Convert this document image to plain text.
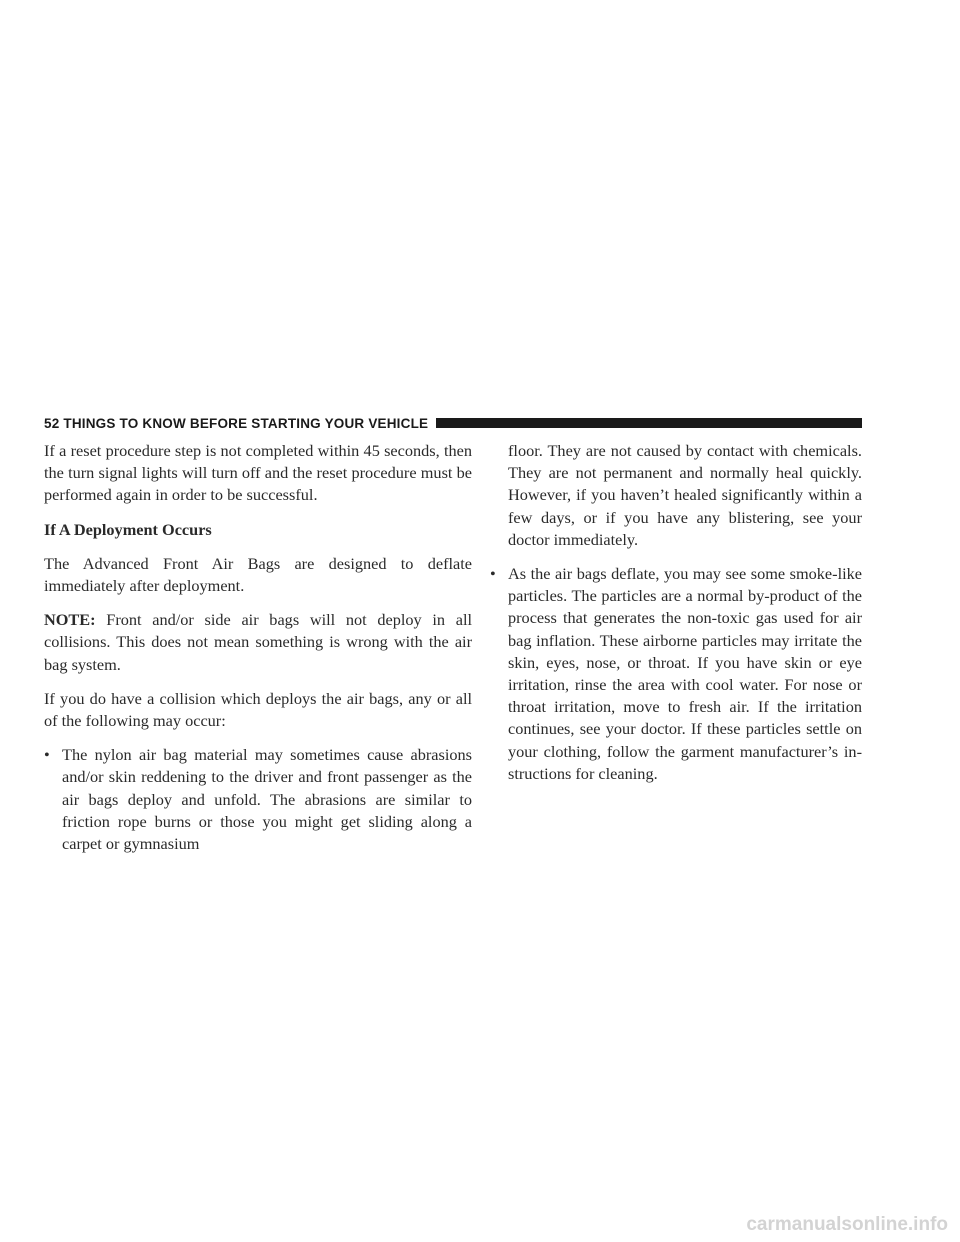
52 THINGS TO KNOW BEFORE STARTING YOUR VEHICLE

If a reset procedure step is not completed within 45 seconds, then the turn signal lights will turn off and the reset procedure must be performed again in order to be successful.

If A Deployment Occurs

The Advanced Front Air Bags are designed to deflate immediately after deployment.

NOTE: Front and/or side air bags will not deploy in all collisions. This does not mean something is wrong with the air bag system.

If you do have a collision which deploys the air bags, any or all of the following may occur:

• The nylon air bag material may sometimes cause abrasions and/or skin reddening to the driver and front passenger as the air bags deploy and unfold. The abrasions are similar to friction rope burns or those you might get sliding along a carpet or gymnasium
floor. They are not caused by contact with chemicals. They are not permanent and normally heal quickly. However, if you haven’t healed significantly within a few days, or if you have any blistering, see your doctor immediately.
• As the air bags deflate, you may see some smoke-like particles. The particles are a normal by-product of the process that generates the non-toxic gas used for air bag inflation. These airborne particles may irritate the skin, eyes, nose, or throat. If you have skin or eye irritation, rinse the area with cool water. For nose or throat irritation, move to fresh air. If the irritation continues, see your doctor. If these particles settle on your clothing, follow the garment manufacturer’s in- structions for cleaning.
carmanualsonline.info
